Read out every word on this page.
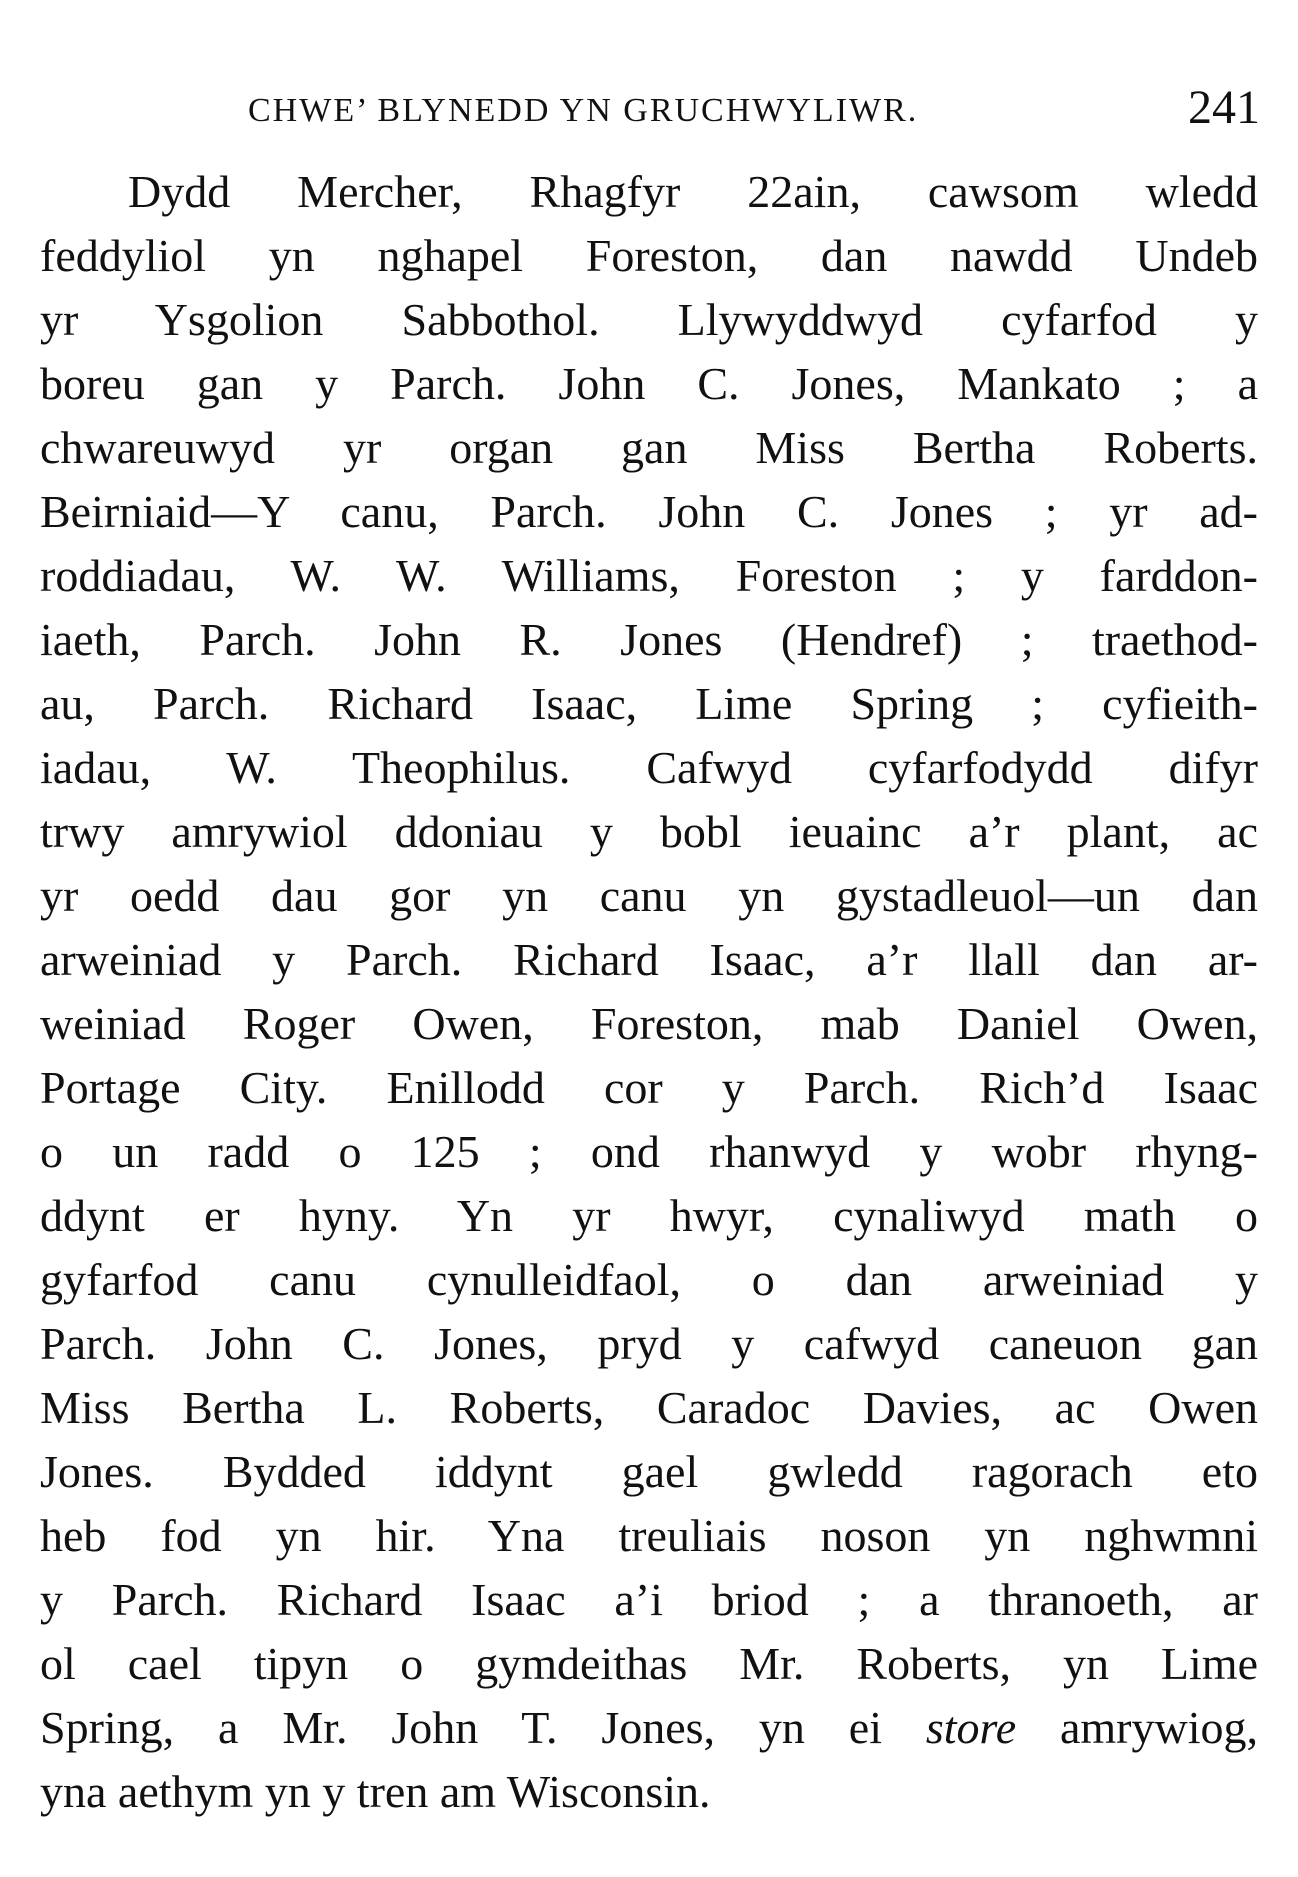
CHWE’ BLYNEDD YN GRUCHWYLIWR.	241
Dydd Mercher, Rhagfyr 22ain, cawsom wledd
feddyliol yn nghapel Foreston, dan nawdd Undeb
yr Ysgolion Sabbothol. Llywyddwyd cyfarfod y
boreu gan y Parch. John C. Jones, Mankato ; a
chwareuwyd yr organ gan Miss Bertha Roberts.
Beirniaid—Y canu, Parch. John C. Jones ; yr ad-
roddiadau, W. W. Williams, Foreston ; y farddon-
iaeth, Parch. John R. Jones (Hendref) ; traethod-
au, Parch. Richard Isaac, Lime Spring ; cyfieith-
iadau, W. Theophilus. Cafwyd cyfarfodydd difyr
trwy amrywiol ddoniau y bobl ieuainc a’r plant, ac
yr oedd dau gor yn canu yn gystadleuol—un dan
arweiniad y Parch. Richard Isaac, a’r llall dan ar-
weiniad Roger Owen, Foreston, mab Daniel Owen,
Portage City. Enillodd cor y Parch. Rich’d Isaac
o un radd o 125 ; ond rhanwyd y wobr rhyng-
ddynt er hyny. Yn yr hwyr, cynaliwyd math o
gyfarfod canu cynulleidfaol, o dan arweiniad y
Parch. John C. Jones, pryd y cafwyd caneuon gan
Miss Bertha L. Roberts, Caradoc Davies, ac Owen
Jones. Bydded iddynt gael gwledd ragorach eto
heb fod yn hir. Yna treuliais noson yn nghwmni
y Parch. Richard Isaac a’i briod ; a thranoeth, ar
ol cael tipyn o gymdeithas Mr. Roberts, yn Lime
Spring, a Mr. John T. Jones, yn ei store amrywiog,
yna aethym yn y tren am Wisconsin.
